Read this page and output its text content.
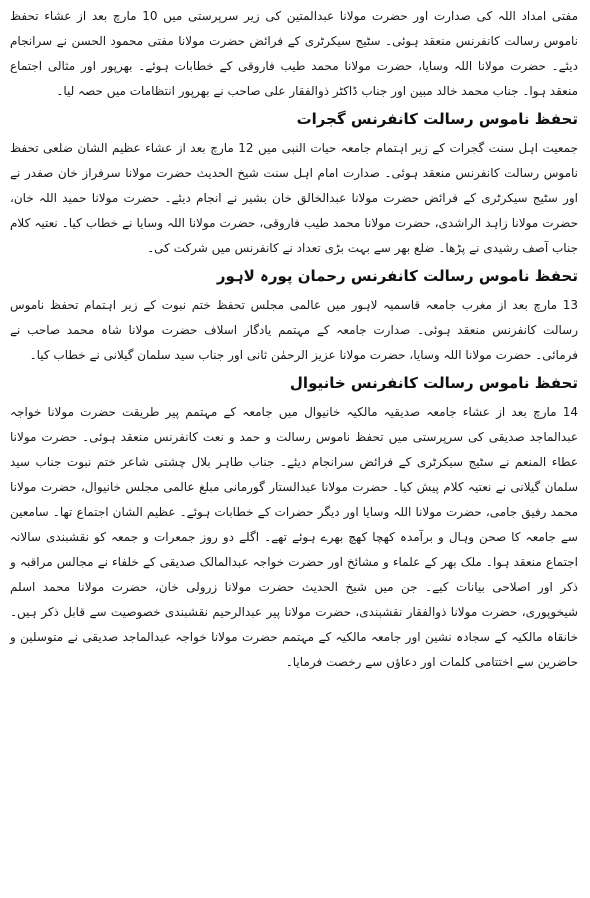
مفتی امداد اللہ کی صدارت اور حضرت مولانا عبدالمتین کی زیر سرپرستی میں 10 مارچ بعد از عشاء تحفظ ناموس رسالت کانفرنس منعقد ہوئی۔ سٹیج سیکرٹری کے فرائض حضرت مولانا مفتی محمود الحسن نے سرانجام دیئے۔ حضرت مولانا اللہ وسایا، حضرت مولانا محمد طیب فاروقی کے خطابات ہوئے۔ بھرپور اور مثالی اجتماع منعقد ہوا۔ جناب محمد خالد مبین اور جناب ڈاکٹر ذوالفقار علی صاحب نے بھرپور انتظامات میں حصہ لیا۔

تحفظ ناموس رسالت کانفرنس گجرات

جمعیت اہل سنت گجرات کے زیر اہتمام جامعہ حیات النبی میں 12 مارچ بعد از عشاء عظیم الشان ضلعی تحفظ ناموس رسالت کانفرنس منعقد ہوئی۔ صدارت امام اہل سنت شیخ الحدیث حضرت مولانا سرفراز خان صفدر نے اور سٹیج سیکرٹری کے فرائض حضرت مولانا عبدالخالق خان بشیر نے انجام دیئے۔ حضرت مولانا حمید اللہ خان، حضرت مولانا زاہد الراشدی، حضرت مولانا محمد طیب فاروقی، حضرت مولانا اللہ وسایا نے خطاب کیا۔ نعتیہ کلام جناب آصف رشیدی نے پڑھا۔ ضلع بھر سے بہت بڑی تعداد نے کانفرنس میں شرکت کی۔

تحفظ ناموس رسالت کانفرنس رحمان پورہ لاہور

13 مارچ بعد از مغرب جامعہ قاسمیہ لاہور میں عالمی مجلس تحفظ ختم نبوت کے زیر اہتمام تحفظ ناموس رسالت کانفرنس منعقد ہوئی۔ صدارت جامعہ کے مہتمم یادگار اسلاف حضرت مولانا شاہ محمد صاحب نے فرمائی۔ حضرت مولانا اللہ وسایا، حضرت مولانا عزیز الرحمٰن ثانی اور جناب سید سلمان گیلانی نے خطاب کیا۔

تحفظ ناموس رسالت کانفرنس خانیوال

14 مارچ بعد از عشاء جامعہ صدیقیہ مالکیہ خانیوال میں جامعہ کے مہتمم پیر طریقت حضرت مولانا خواجہ عبدالماجد صدیقی کی سرپرستی میں تحفظ ناموس رسالت و حمد و نعت کانفرنس منعقد ہوئی۔ حضرت مولانا عطاء المنعم نے سٹیج سیکرٹری کے فرائض سرانجام دیئے۔ جناب طاہر بلال چشتی شاعر ختم نبوت جناب سید سلمان گیلانی نے نعتیہ کلام پیش کیا۔ حضرت مولانا عبدالستار گورمانی مبلغ عالمی مجلس خانیوال، حضرت مولانا محمد رفیق جامی، حضرت مولانا اللہ وسایا اور دیگر حضرات کے خطابات ہوئے۔ عظیم الشان اجتماع تھا۔ سامعین سے جامعہ کا صحن وہال و برآمدہ کھچا کھچ بھرے ہوئے تھے۔ اگلے دو روز جمعرات و جمعہ کو نقشبندی سالانہ اجتماع منعقد ہوا۔ ملک بھر کے علماء و مشائخ اور حضرت خواجہ عبدالمالک صدیقی کے خلفاء نے مجالس مراقبہ و ذکر اور اصلاحی بیانات کیے۔ جن میں شیخ الحدیث حضرت مولانا زرولی خان، حضرت مولانا محمد اسلم شیخوپوری، حضرت مولانا ذوالفقار نقشبندی، حضرت مولانا پیر عبدالرحیم نقشبندی خصوصیت سے قابل ذکر ہیں۔ خانقاہ مالکیہ کے سجادہ نشین اور جامعہ مالکیہ کے مہتمم حضرت مولانا خواجہ عبدالماجد صدیقی نے متوسلین و حاضرین سے اختتامی کلمات اور دعاؤں سے رخصت فرمایا۔
